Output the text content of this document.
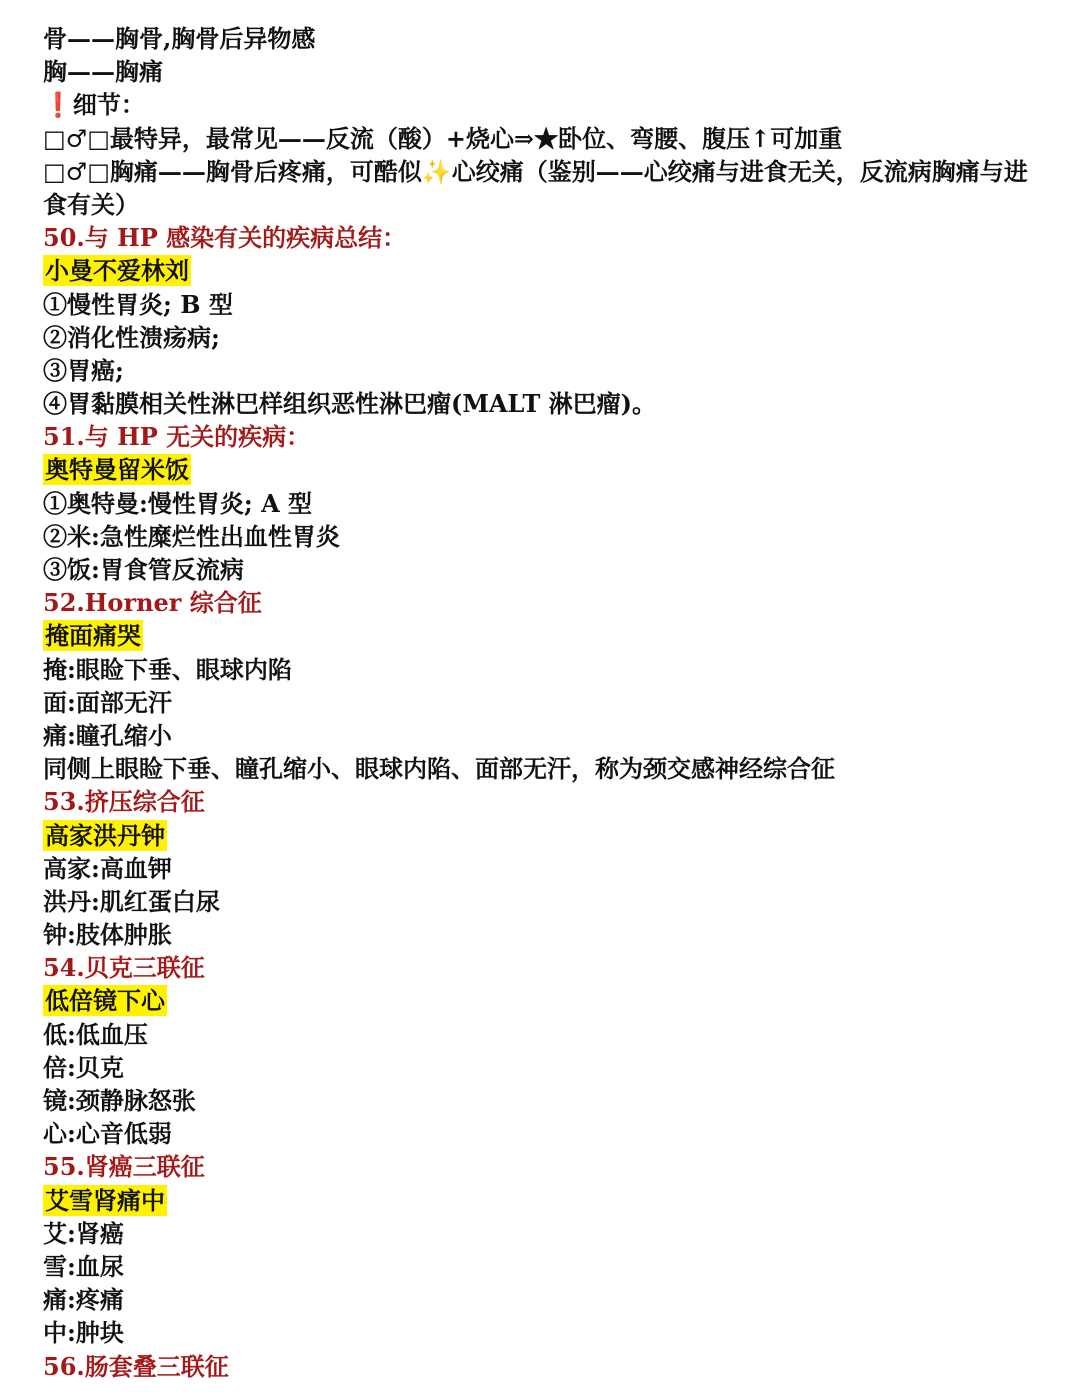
骨——胸骨,胸骨后异物感
胸——胸痛
❗细节：
□♂□最特异，最常见——反流（酸）+烧心⇒★卧位、弯腰、腹压↑可加重
□♂□胸痛——胸骨后疼痛，可酷似✨心绞痛（鉴别——心绞痛与进食无关，反流病胸痛与进食有关）
50.与 HP 感染有关的疾病总结：
小曼不爱林刘
①慢性胃炎; B 型
②消化性溃疡病;
③胃癌;
④胃黏膜相关性淋巴样组织恶性淋巴瘤(MALT 淋巴瘤)。
51.与 HP 无关的疾病：
奥特曼留米饭
①奥特曼:慢性胃炎; A 型
②米:急性糜烂性出血性胃炎
③饭:胃食管反流病
52.Horner 综合征
掩面痛哭
掩:眼睑下垂、眼球内陷
面:面部无汗
痛:瞳孔缩小
同侧上眼睑下垂、瞳孔缩小、眼球内陷、面部无汗，称为颈交感神经综合征
53.挤压综合征
高家洪丹钟
高家:高血钾
洪丹:肌红蛋白尿
钟:肢体肿胀
54.贝克三联征
低倍镜下心
低:低血压
倍:贝克
镜:颈静脉怒张
心:心音低弱
55.肾癌三联征
艾雪肾痛中
艾:肾癌
雪:血尿
痛:疼痛
中:肿块
56.肠套叠三联征
